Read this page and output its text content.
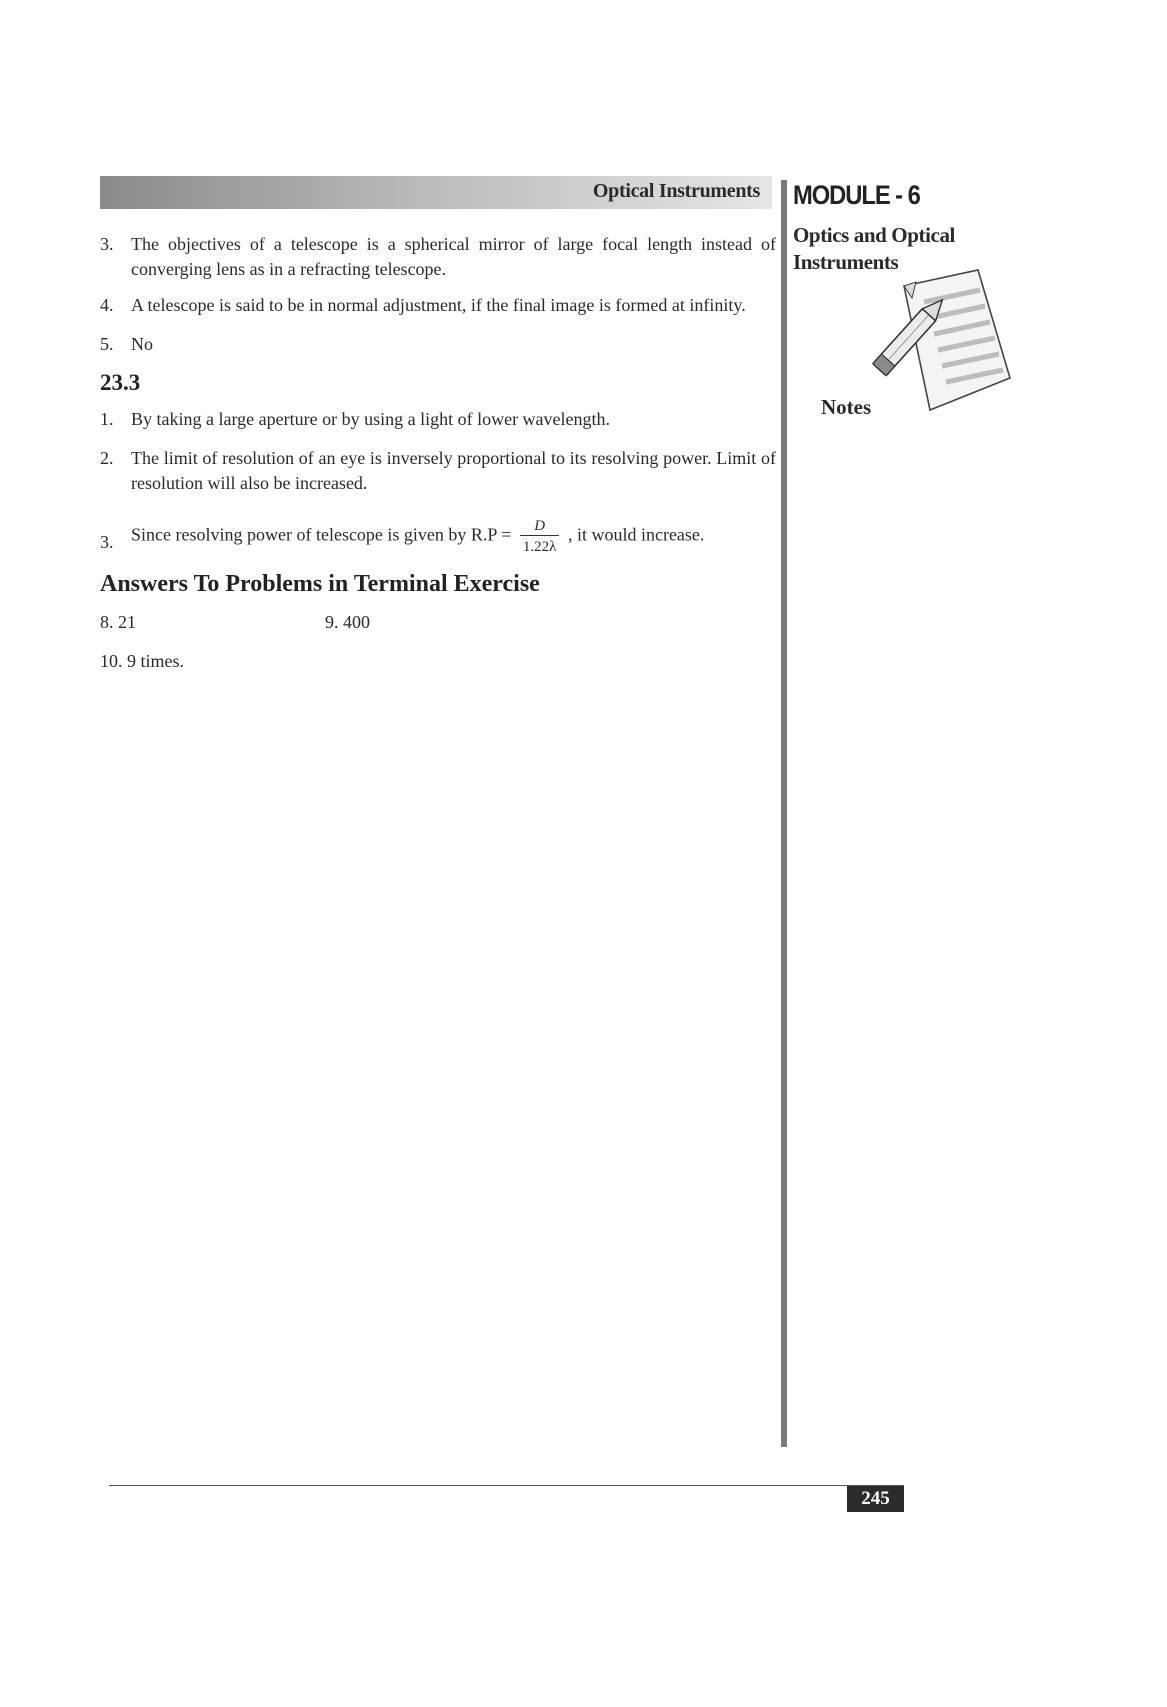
Optical Instruments MODULE - 6
Optics and Optical Instruments
Notes
3. The objectives of a telescope is a spherical mirror of large focal length instead of converging lens as in a refracting telescope.
4. A telescope is said to be in normal adjustment, if the final image is formed at infinity.
5. No
23.3
1. By taking a large aperture or by using a light of lower wavelength.
2. The limit of resolution of an eye is inversely proportional to its resolving power. Limit of resolution will also be increased.
3. Since resolving power of telescope is given by $R.P = \frac{D}{1.22\lambda}$ , it would increase.
Answers To Problems in Terminal Exercise
8. 21	9. 400
10. 9 times.
245
